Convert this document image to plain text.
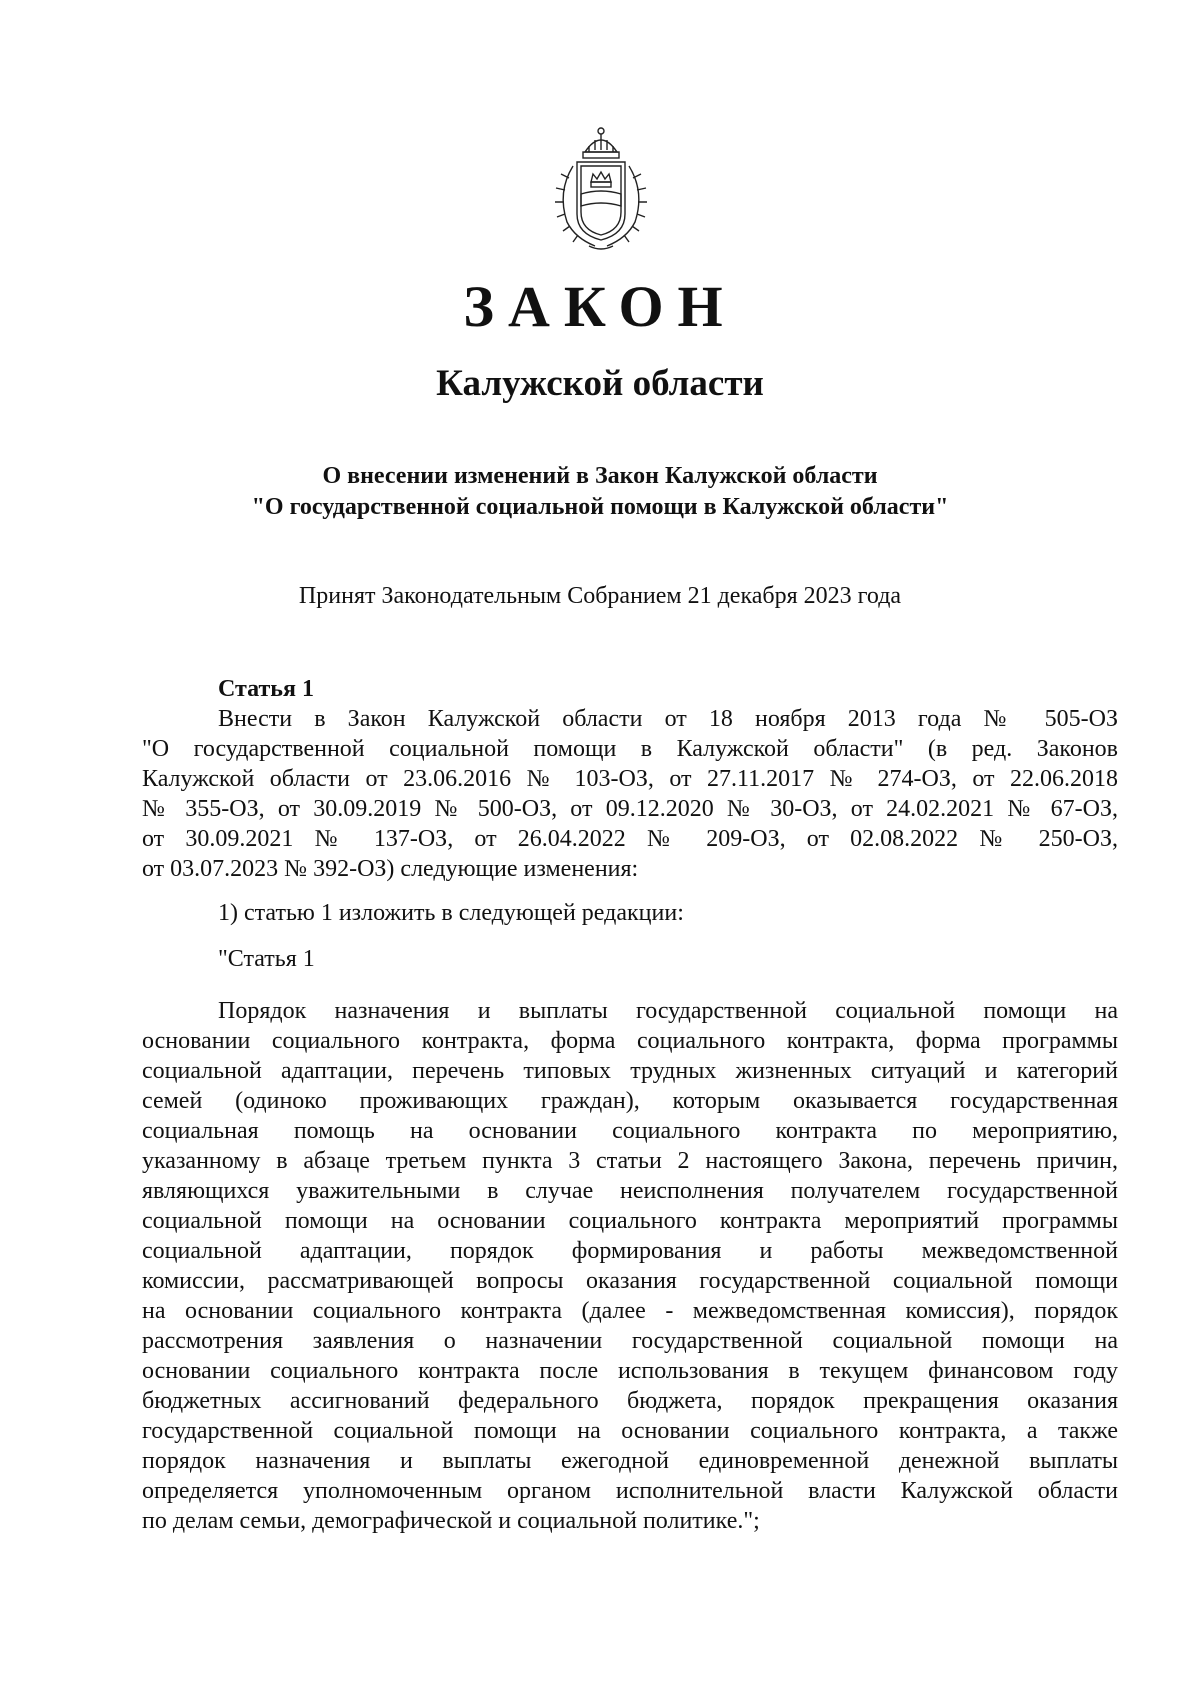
ЗАКОН
Калужской области
О внесении изменений в Закон Калужской области
"О государственной социальной помощи в Калужской области"
Принят Законодательным Собранием 21 декабря 2023 года
Статья 1
Внести в Закон Калужской области от 18 ноября 2013 года № 505-ОЗ
"О государственной социальной помощи в Калужской области" (в ред. Законов
Калужской области от 23.06.2016 № 103-ОЗ, от 27.11.2017 № 274-ОЗ, от 22.06.2018
№ 355-ОЗ, от 30.09.2019 № 500-ОЗ, от 09.12.2020 № 30-ОЗ, от 24.02.2021 № 67-ОЗ,
от 30.09.2021 № 137-ОЗ, от 26.04.2022 № 209-ОЗ, от 02.08.2022 № 250-ОЗ,
от 03.07.2023 № 392-ОЗ) следующие изменения:
1) статью 1 изложить в следующей редакции:
"Статья 1
Порядок назначения и выплаты государственной социальной помощи на
основании социального контракта, форма социального контракта, форма программы
социальной адаптации, перечень типовых трудных жизненных ситуаций и категорий
семей (одиноко проживающих граждан), которым оказывается государственная
социальная помощь на основании социального контракта по мероприятию,
указанному в абзаце третьем пункта 3 статьи 2 настоящего Закона, перечень причин,
являющихся уважительными в случае неисполнения получателем государственной
социальной помощи на основании социального контракта мероприятий программы
социальной адаптации, порядок формирования и работы межведомственной
комиссии, рассматривающей вопросы оказания государственной социальной помощи
на основании социального контракта (далее - межведомственная комиссия), порядок
рассмотрения заявления о назначении государственной социальной помощи на
основании социального контракта после использования в текущем финансовом году
бюджетных ассигнований федерального бюджета, порядок прекращения оказания
государственной социальной помощи на основании социального контракта, а также
порядок назначения и выплаты ежегодной единовременной денежной выплаты
определяется уполномоченным органом исполнительной власти Калужской области
по делам семьи, демографической и социальной политике.";
